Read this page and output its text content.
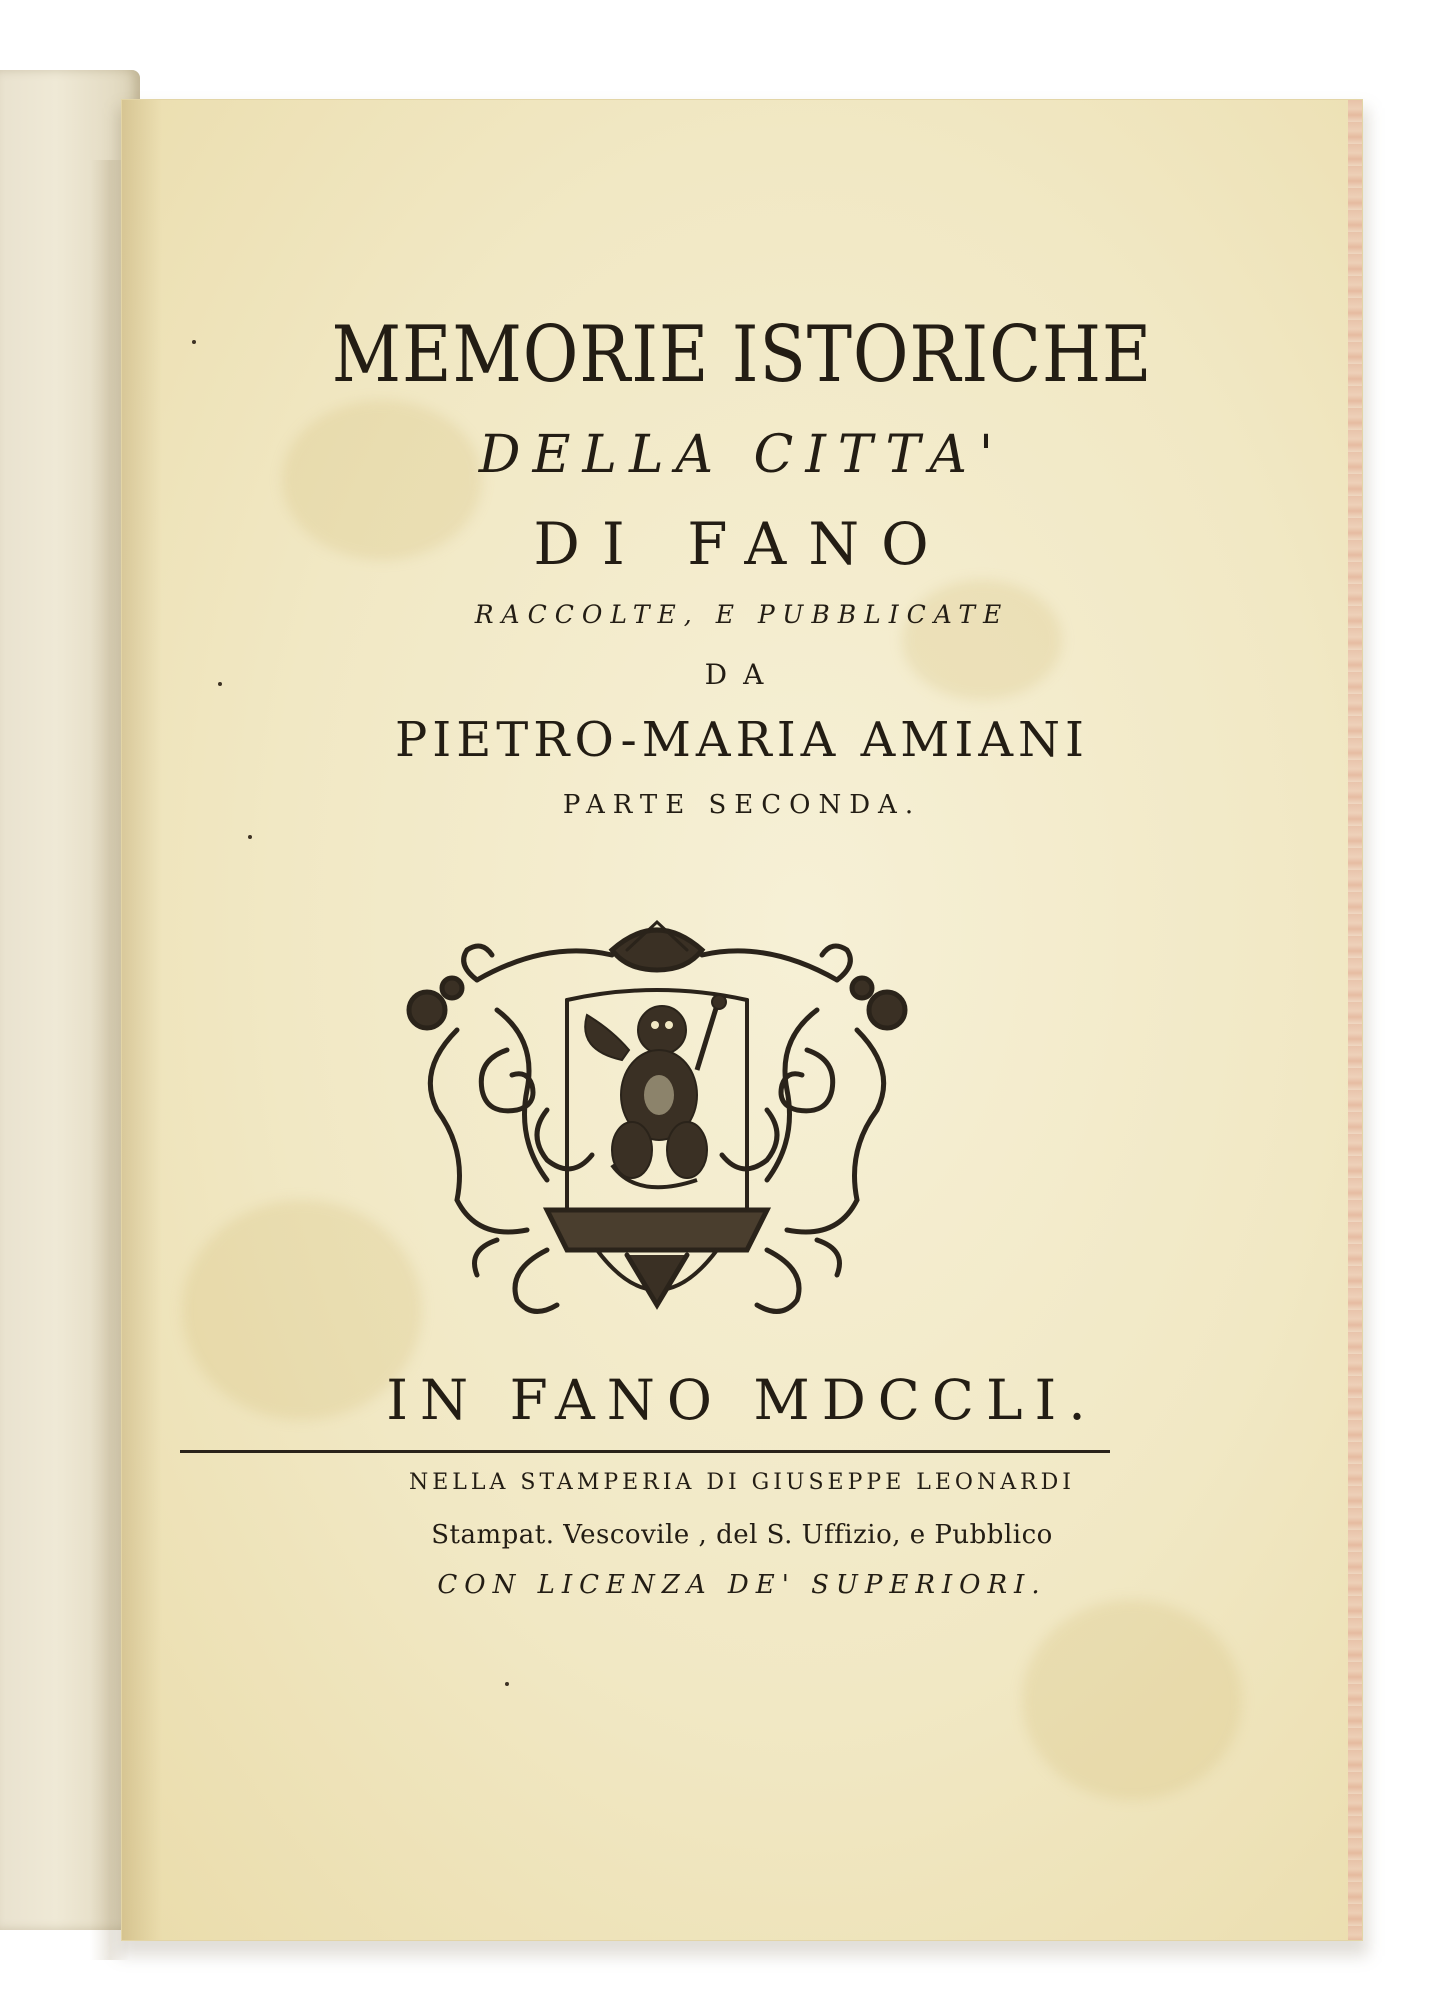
MEMORIE ISTORICHE
DELLA CITTA'
DI FANO
RACCOLTE, E PUBBLICATE
DA
PIETRO-MARIA AMIANI
PARTE SECONDA.
IN FANO MDCCLI.
NELLA STAMPERIA DI GIUSEPPE LEONARDI
Stampat. Vescovile , del S. Uffizio, e Pubblico
CON LICENZA DE' SUPERIORI.
